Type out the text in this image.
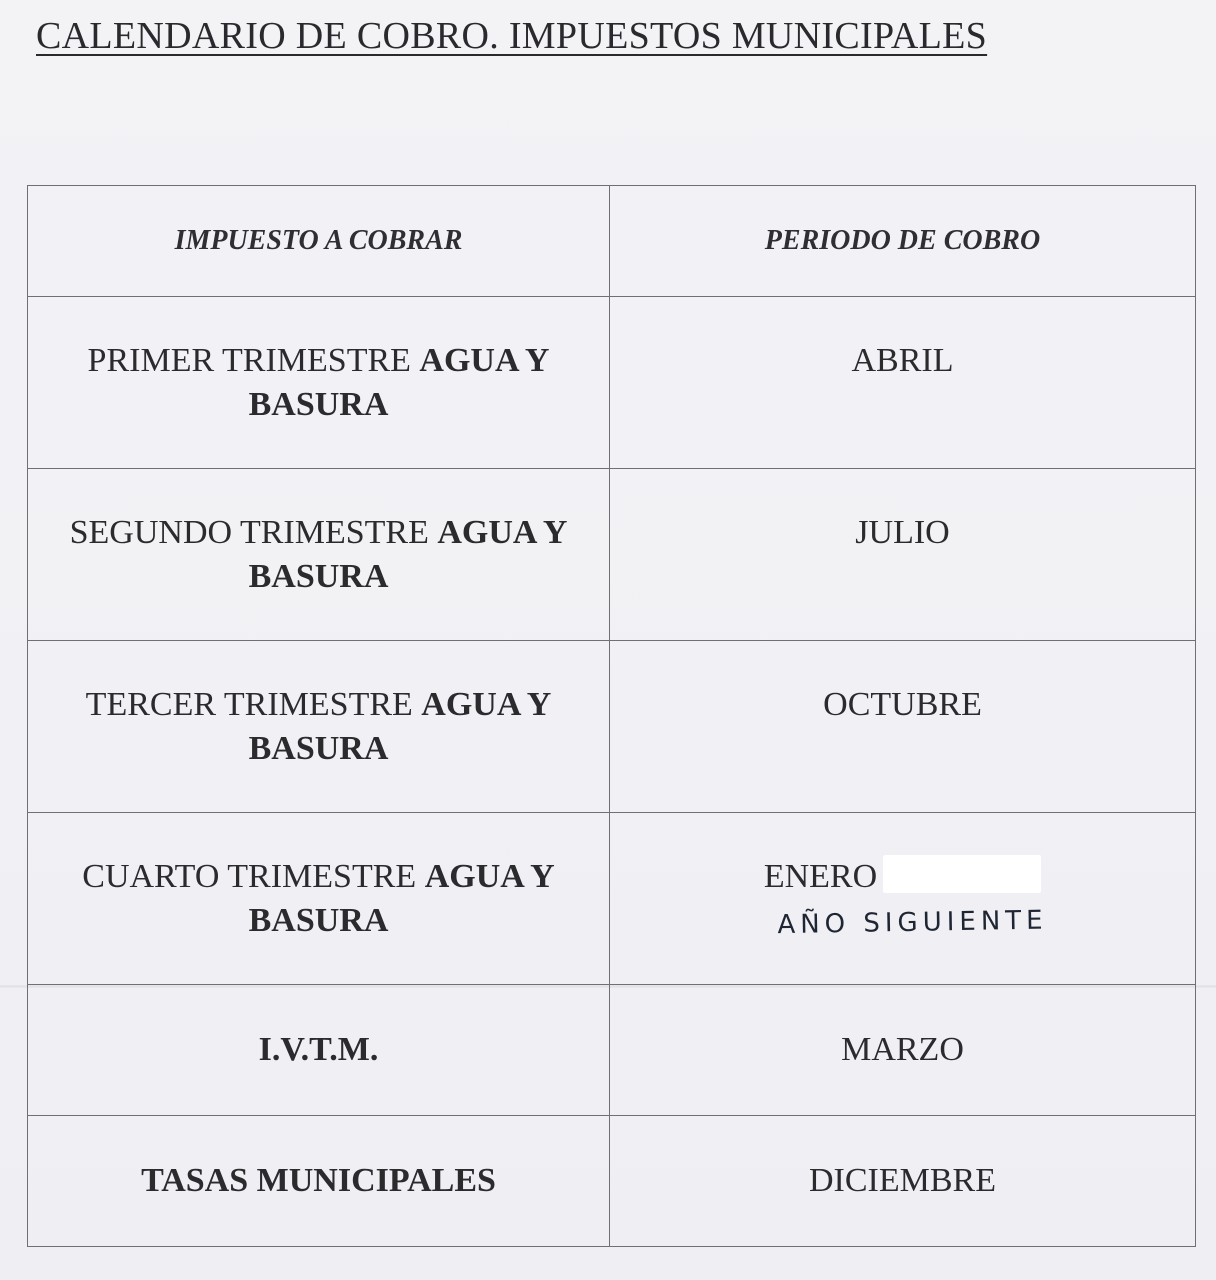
CALENDARIO DE COBRO. IMPUESTOS MUNICIPALES
IMPUESTO A COBRAR	PERIODO DE COBRO
PRIMER TRIMESTRE AGUA Y BASURA	ABRIL
SEGUNDO TRIMESTRE AGUA Y BASURA	JULIO
TERCER TRIMESTRE AGUA Y BASURA	OCTUBRE
CUARTO TRIMESTRE AGUA Y BASURA	ENERO
AÑO SIGUIENTE

I.V.T.M.	MARZO
TASAS MUNICIPALES	DICIEMBRE
